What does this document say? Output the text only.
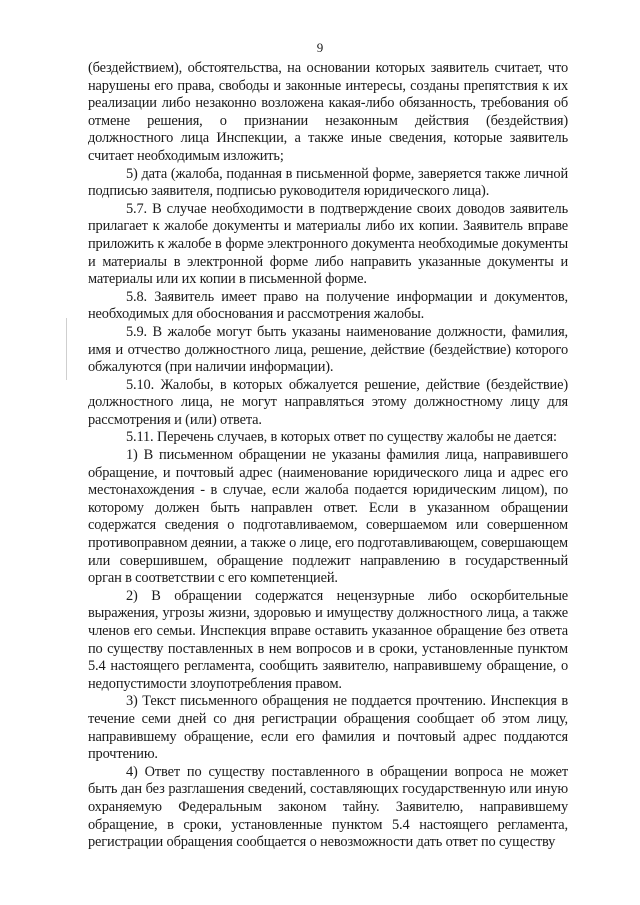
9

(бездействием), обстоятельства, на основании которых заявитель считает, что нарушены его права, свободы и законные интересы, созданы препятствия к их реализации либо незаконно возложена какая-либо обязанность, требования об отмене решения, о признании незаконным действия (бездействия) должностного лица Инспекции, а также иные сведения, которые заявитель считает необходимым изложить;

5) дата (жалоба, поданная в письменной форме, заверяется также личной подписью заявителя, подписью руководителя юридического лица).

5.7. В случае необходимости в подтверждение своих доводов заявитель прилагает к жалобе документы и материалы либо их копии. Заявитель вправе приложить к жалобе в форме электронного документа необходимые документы и материалы в электронной форме либо направить указанные документы и материалы или их копии в письменной форме.

5.8. Заявитель имеет право на получение информации и документов, необходимых для обоснования и рассмотрения жалобы.

5.9. В жалобе могут быть указаны наименование должности, фамилия, имя и отчество должностного лица, решение, действие (бездействие) которого обжалуются (при наличии информации).

5.10. Жалобы, в которых обжалуется решение, действие (бездействие) должностного лица, не могут направляться этому должностному лицу для рассмотрения и (или) ответа.

5.11. Перечень случаев, в которых ответ по существу жалобы не дается:

1) В письменном обращении не указаны фамилия лица, направившего обращение, и почтовый адрес (наименование юридического лица и адрес его местонахождения - в случае, если жалоба подается юридическим лицом), по которому должен быть направлен ответ. Если в указанном обращении содержатся сведения о подготавливаемом, совершаемом или совершенном противоправном деянии, а также о лице, его подготавливающем, совершающем или совершившем, обращение подлежит направлению в государственный орган в соответствии с его компетенцией.

2) В обращении содержатся нецензурные либо оскорбительные выражения, угрозы жизни, здоровью и имуществу должностного лица, а также членов его семьи. Инспекция вправе оставить указанное обращение без ответа по существу поставленных в нем вопросов и в сроки, установленные пунктом 5.4 настоящего регламента, сообщить заявителю, направившему обращение, о недопустимости злоупотребления правом.

3) Текст письменного обращения не поддается прочтению. Инспекция в течение семи дней со дня регистрации обращения сообщает об этом лицу, направившему обращение, если его фамилия и почтовый адрес поддаются прочтению.

4) Ответ по существу поставленного в обращении вопроса не может быть дан без разглашения сведений, составляющих государственную или иную охраняемую Федеральным законом тайну. Заявителю, направившему обращение, в сроки, установленные пунктом 5.4 настоящего регламента, регистрации обращения сообщается о невозможности дать ответ по существу
